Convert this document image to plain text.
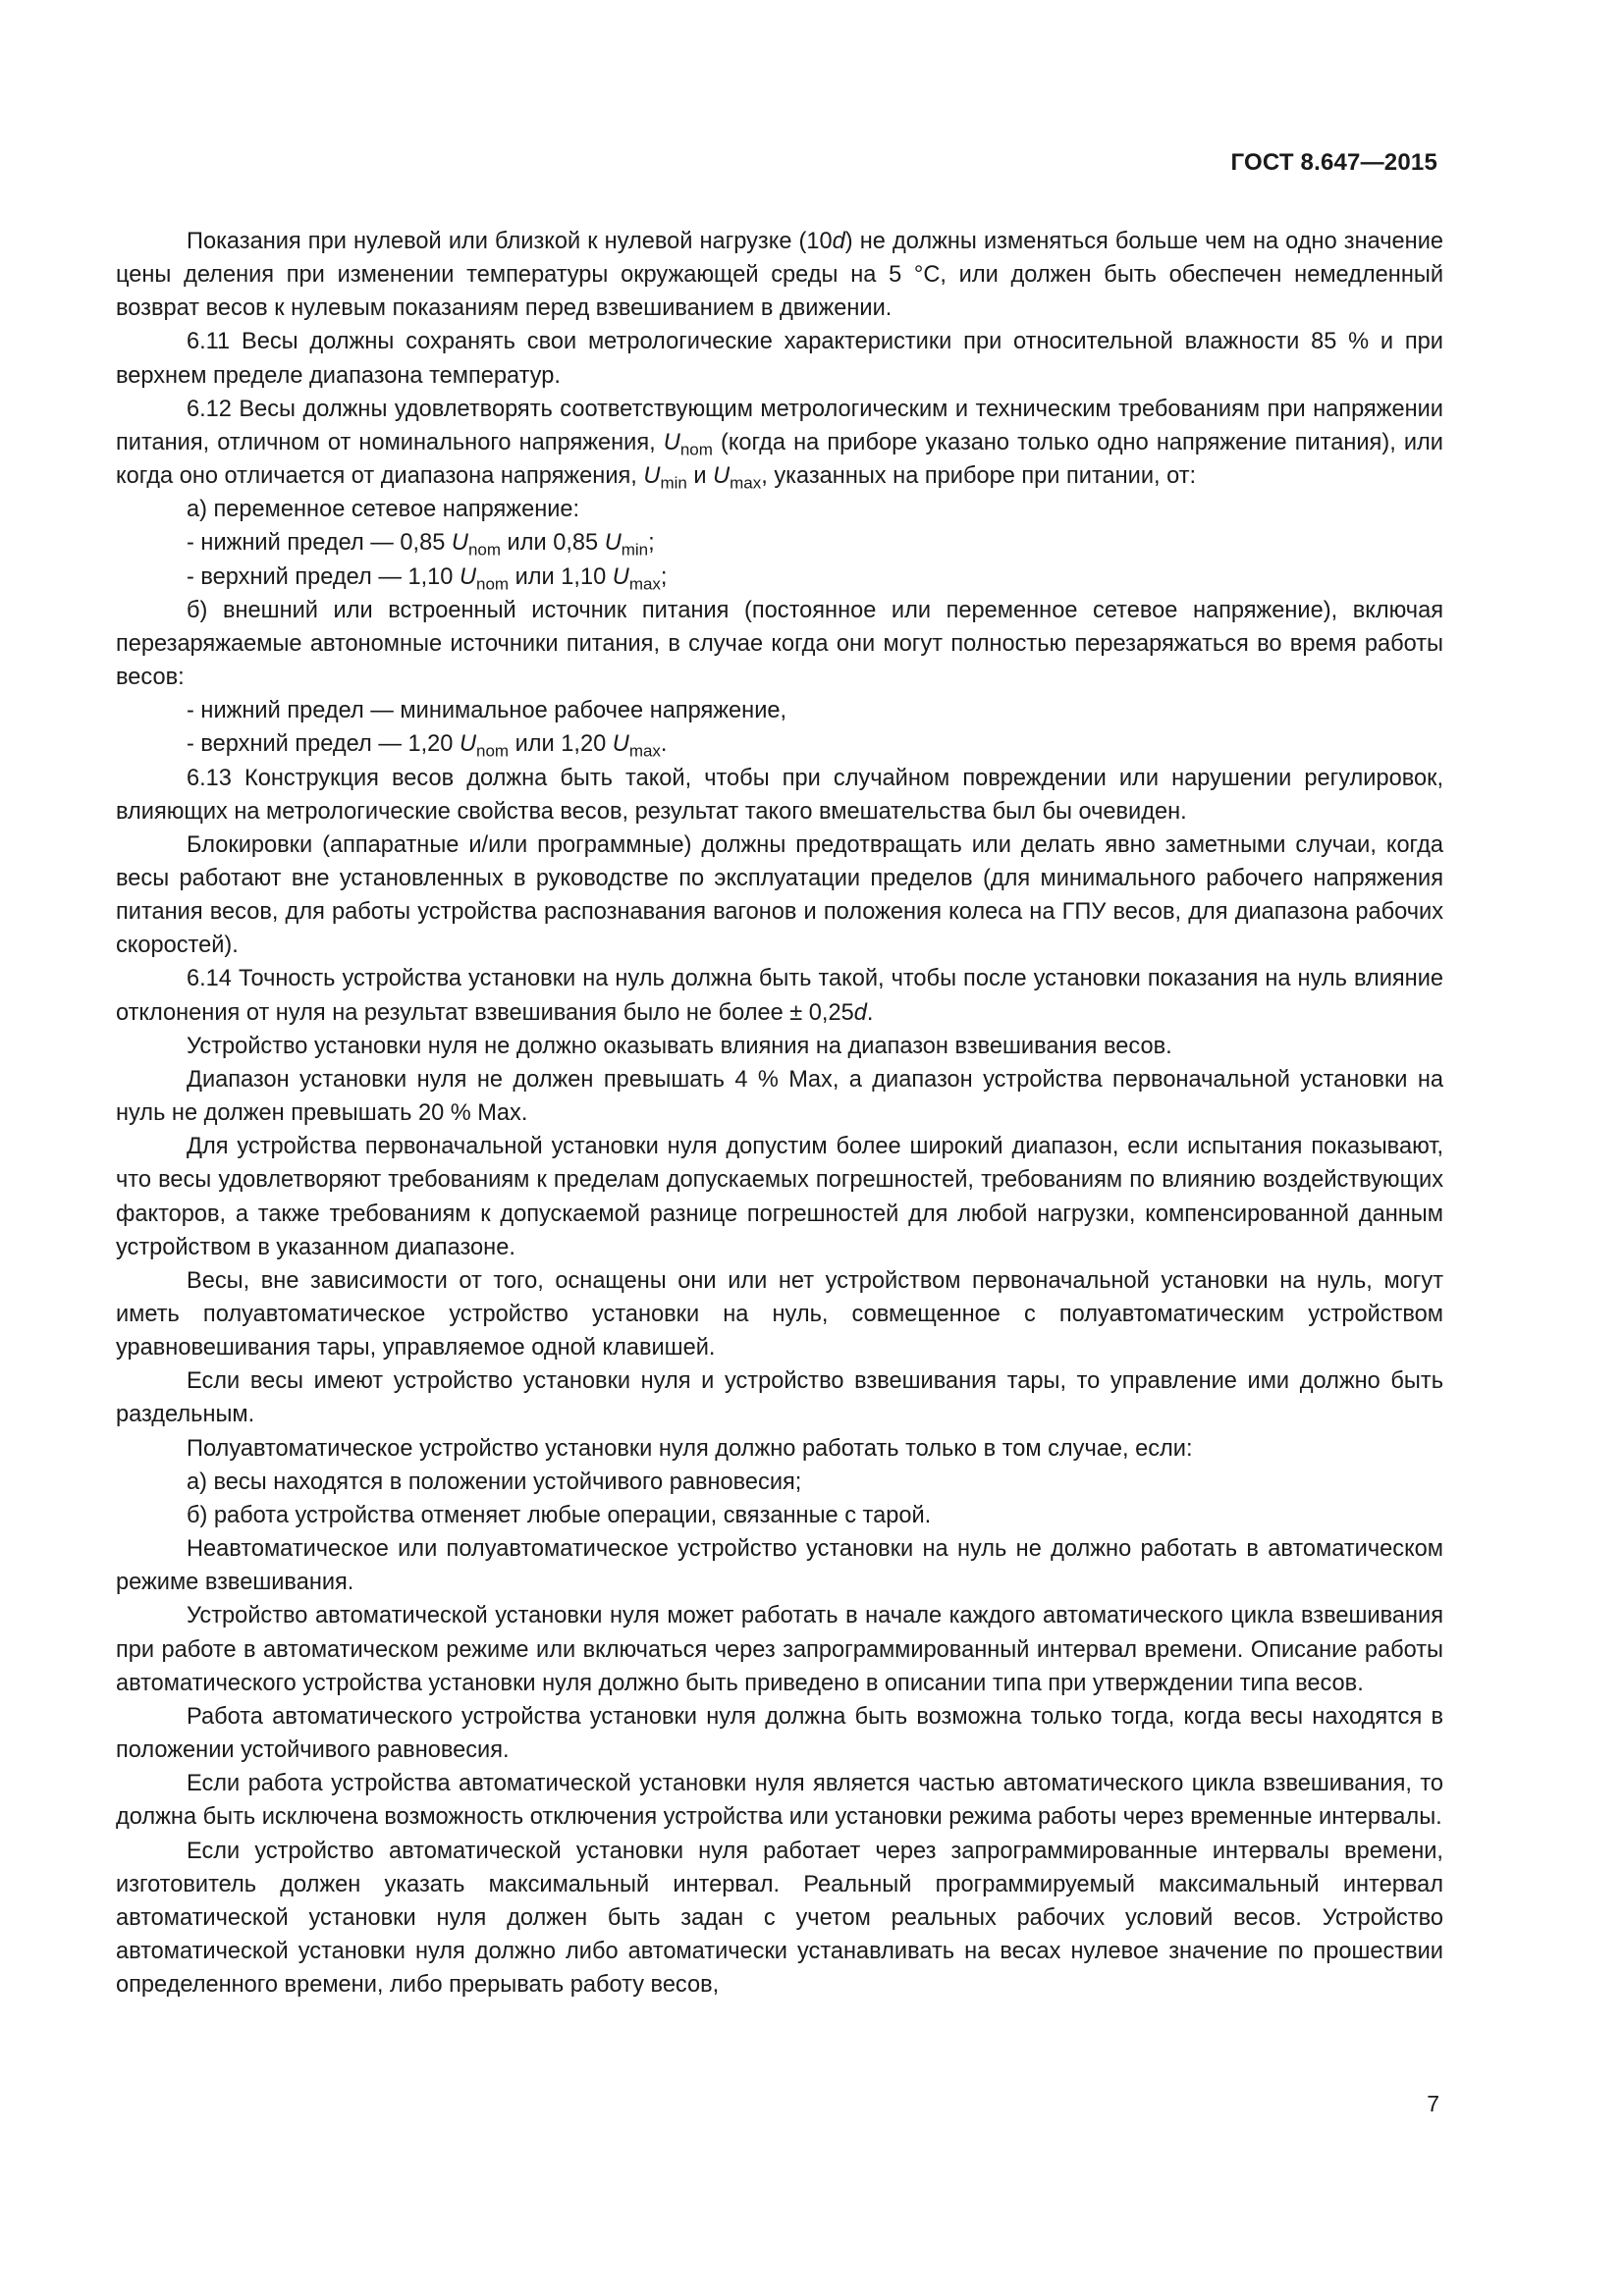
ГОСТ 8.647—2015

Показания при нулевой или близкой к нулевой нагрузке (10d) не должны изменяться больше чем на одно значение цены деления при изменении температуры окружающей среды на 5 °С, или должен быть обеспечен немедленный возврат весов к нулевым показаниям перед взвешиванием в движении.

6.11 Весы должны сохранять свои метрологические характеристики при относительной влажности 85 % и при верхнем пределе диапазона температур.

6.12 Весы должны удовлетворять соответствующим метрологическим и техническим требованиям при напряжении питания, отличном от номинального напряжения, $U_{nom}$ (когда на приборе указано только одно напряжение питания), или когда оно отличается от диапазона напряжения, $U_{min}$ и $U_{max}$, указанных на приборе при питании, от:

а) переменное сетевое напряжение:

- нижний предел — 0,85 $U_{nom}$ или 0,85 $U_{min}$;

- верхний предел — 1,10 $U_{nom}$ или 1,10 $U_{max}$;

б) внешний или встроенный источник питания (постоянное или переменное сетевое напряжение), включая перезаряжаемые автономные источники питания, в случае когда они могут полностью перезаряжаться во время работы весов:

- нижний предел — минимальное рабочее напряжение,

- верхний предел — 1,20 $U_{nom}$ или 1,20 $U_{max}$.

6.13 Конструкция весов должна быть такой, чтобы при случайном повреждении или нарушении регулировок, влияющих на метрологические свойства весов, результат такого вмешательства был бы очевиден.

Блокировки (аппаратные и/или программные) должны предотвращать или делать явно заметными случаи, когда весы работают вне установленных в руководстве по эксплуатации пределов (для минимального рабочего напряжения питания весов, для работы устройства распознавания вагонов и положения колеса на ГПУ весов, для диапазона рабочих скоростей).

6.14 Точность устройства установки на нуль должна быть такой, чтобы после установки показания на нуль влияние отклонения от нуля на результат взвешивания было не более ± 0,25d.

Устройство установки нуля не должно оказывать влияния на диапазон взвешивания весов.

Диапазон установки нуля не должен превышать 4 % Max, а диапазон устройства первоначальной установки на нуль не должен превышать 20 % Max.

Для устройства первоначальной установки нуля допустим более широкий диапазон, если испытания показывают, что весы удовлетворяют требованиям к пределам допускаемых погрешностей, требованиям по влиянию воздействующих факторов, а также требованиям к допускаемой разнице погрешностей для любой нагрузки, компенсированной данным устройством в указанном диапазоне.

Весы, вне зависимости от того, оснащены они или нет устройством первоначальной установки на нуль, могут иметь полуавтоматическое устройство установки на нуль, совмещенное с полуавтоматическим устройством уравновешивания тары, управляемое одной клавишей.

Если весы имеют устройство установки нуля и устройство взвешивания тары, то управление ими должно быть раздельным.

Полуавтоматическое устройство установки нуля должно работать только в том случае, если:

а) весы находятся в положении устойчивого равновесия;

б) работа устройства отменяет любые операции, связанные с тарой.

Неавтоматическое или полуавтоматическое устройство установки на нуль не должно работать в автоматическом режиме взвешивания.

Устройство автоматической установки нуля может работать в начале каждого автоматического цикла взвешивания при работе в автоматическом режиме или включаться через запрограммированный интервал времени. Описание работы автоматического устройства установки нуля должно быть приведено в описании типа при утверждении типа весов.

Работа автоматического устройства установки нуля должна быть возможна только тогда, когда весы находятся в положении устойчивого равновесия.

Если работа устройства автоматической установки нуля является частью автоматического цикла взвешивания, то должна быть исключена возможность отключения устройства или установки режима работы через временные интервалы.

Если устройство автоматической установки нуля работает через запрограммированные интервалы времени, изготовитель должен указать максимальный интервал. Реальный программируемый максимальный интервал автоматической установки нуля должен быть задан с учетом реальных рабочих условий весов. Устройство автоматической установки нуля должно либо автоматически устанавливать на весах нулевое значение по прошествии определенного времени, либо прерывать работу весов,

7
